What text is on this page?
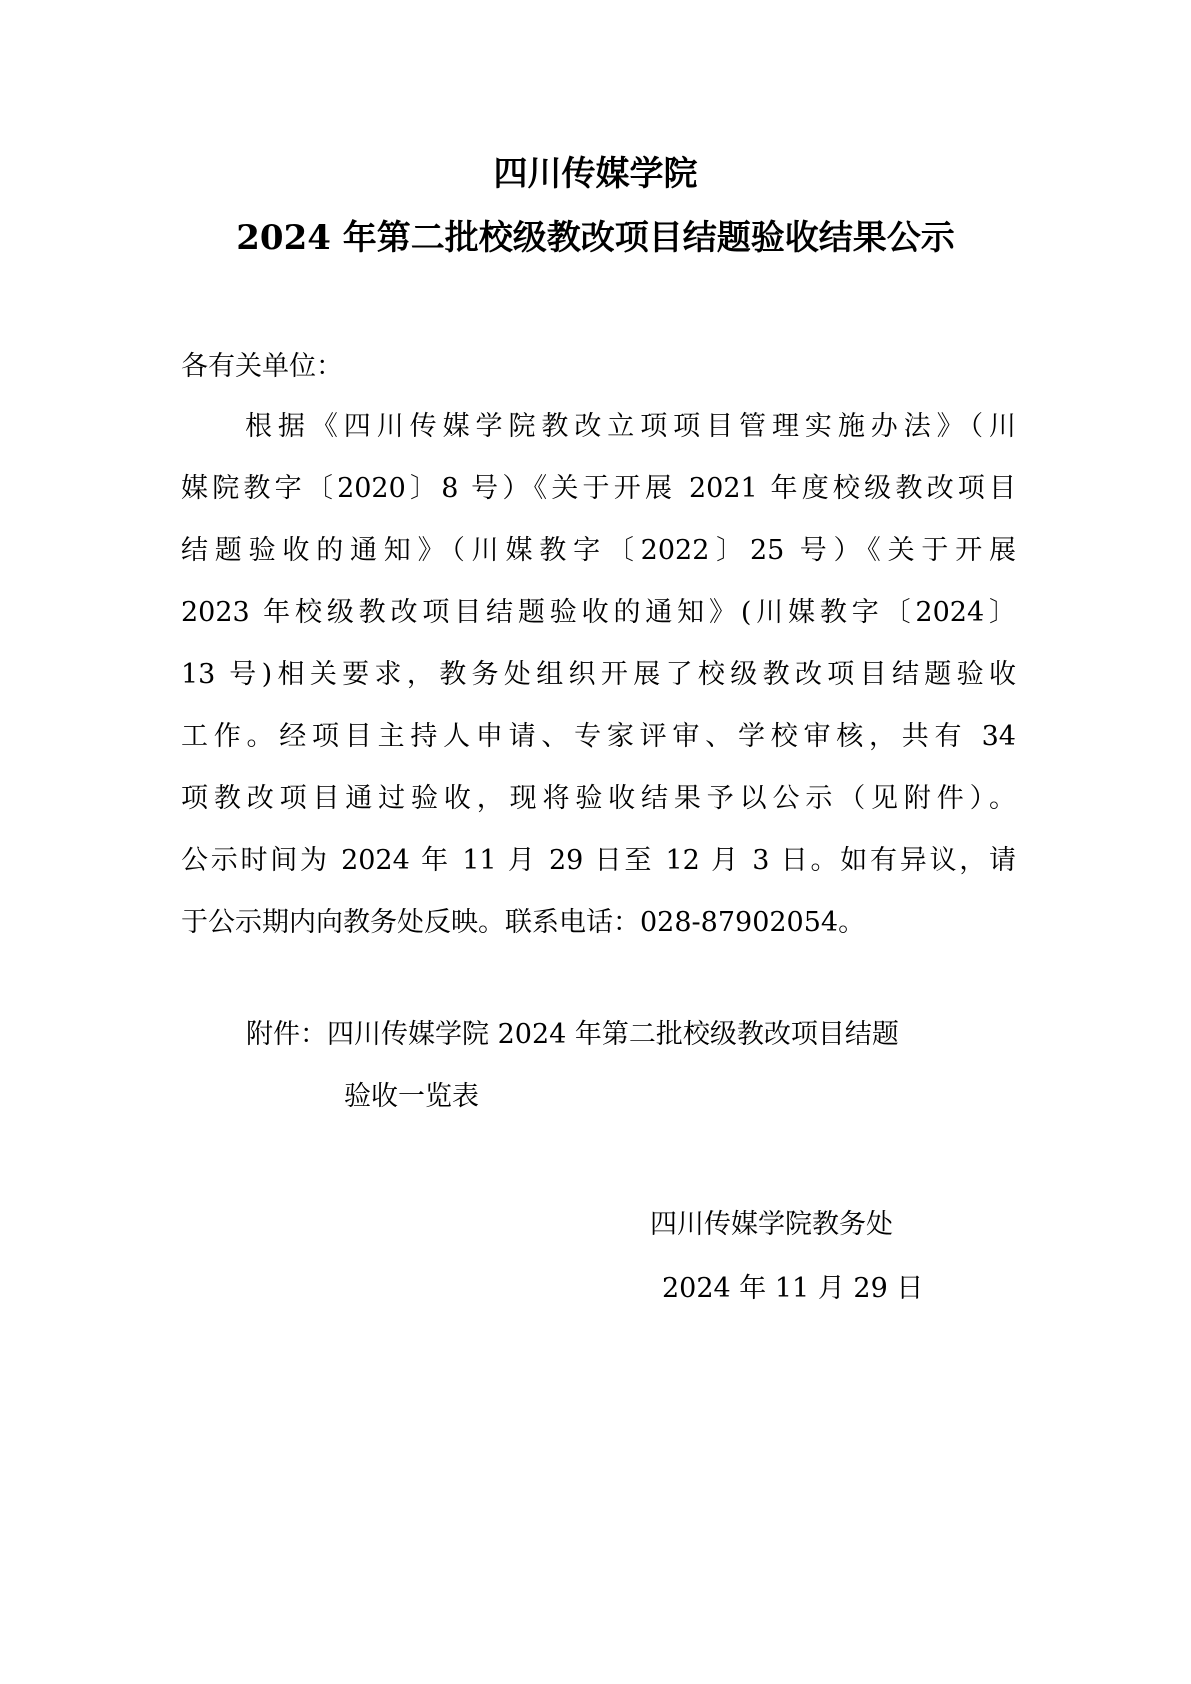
四川传媒学院
2024 年第二批校级教改项目结题验收结果公示

各有关单位：

根据《四川传媒学院教改立项项目管理实施办法》（川
媒院教字〔2020〕8 号）《关于开展 2021 年度校级教改项目
结题验收的通知》（川媒教字〔2022〕25 号）《关于开展
2023 年校级教改项目结题验收的通知》(川媒教字〔2024〕
13 号)相关要求，教务处组织开展了校级教改项目结题验收
工作。经项目主持人申请、专家评审、学校审核，共有 34
项教改项目通过验收，现将验收结果予以公示（见附件）。
公示时间为 2024 年 11 月 29 日至 12 月 3 日。如有异议，请
于公示期内向教务处反映。联系电话：028-87902054。
附件：四川传媒学院 2024 年第二批校级教改项目结题
验收一览表
四川传媒学院教务处
2024 年 11 月 29 日
